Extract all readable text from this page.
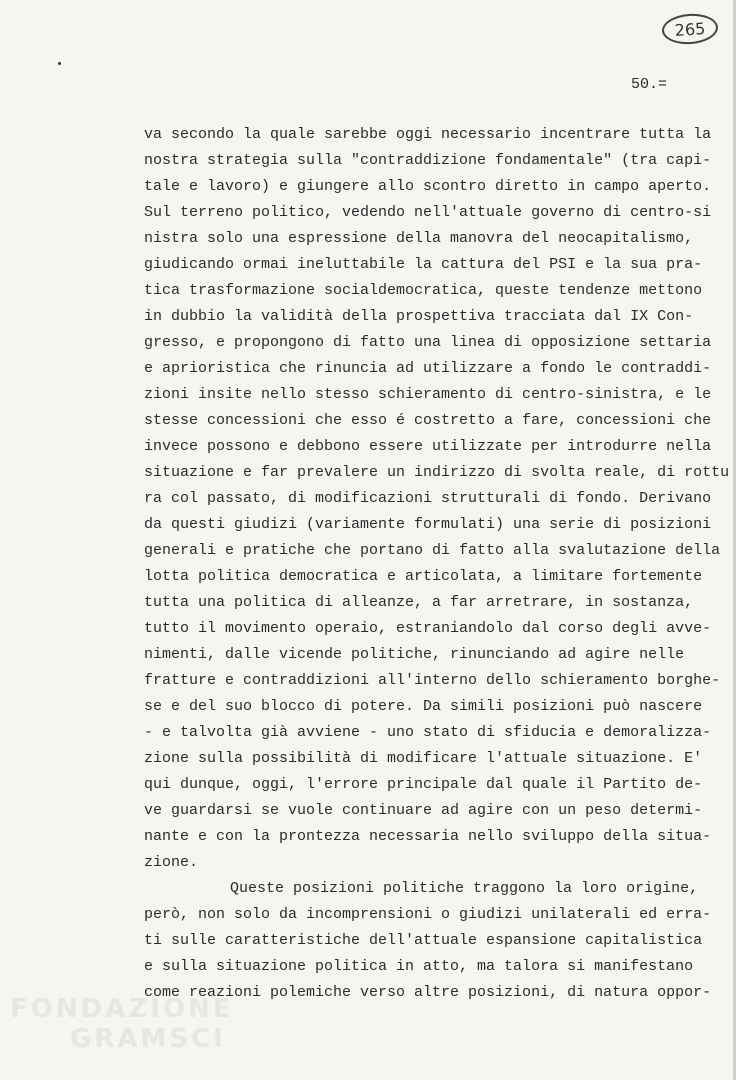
265
50.=
va secondo la quale sarebbe oggi necessario incentrare tutta la
nostra strategia sulla "contraddizione fondamentale" (tra capi-
tale e lavoro) e giungere allo scontro diretto in campo aperto.
Sul terreno politico, vedendo nell'attuale governo di centro-si
nistra solo una espressione della manovra del neocapitalismo,
giudicando ormai ineluttabile la cattura del PSI e la sua pra-
tica trasformazione socialdemocratica, queste tendenze mettono
in dubbio la validità della prospettiva tracciata dal IX Con-
gresso, e propongono di fatto una linea di opposizione settaria
e aprioristica che rinuncia ad utilizzare a fondo le contraddi-
zioni insite nello stesso schieramento di centro-sinistra, e le
stesse concessioni che esso é costretto a fare, concessioni che
invece possono e debbono essere utilizzate per introdurre nella
situazione e far prevalere un indirizzo di svolta reale, di rottu
ra col passato, di modificazioni strutturali di fondo. Derivano
da questi giudizi (variamente formulati) una serie di posizioni
generali e pratiche che portano di fatto alla svalutazione della
lotta politica democratica e articolata, a limitare fortemente
tutta una politica di alleanze, a far arretrare, in sostanza,
tutto il movimento operaio, estraniandolo dal corso degli avve-
nimenti, dalle vicende politiche, rinunciando ad agire nelle
fratture e contraddizioni all'interno dello schieramento borghe-
se e del suo blocco di potere. Da simili posizioni può nascere
- e talvolta già avviene - uno stato di sfiducia e demoralizza-
zione sulla possibilità di modificare l'attuale situazione. E'
qui dunque, oggi, l'errore principale dal quale il Partito de-
ve guardarsi se vuole continuare ad agire con un peso determi-
nante e con la prontezza necessaria nello sviluppo della situa-
zione.
Queste posizioni politiche traggono la loro origine,
però, non solo da incomprensioni o giudizi unilaterali ed erra-
ti sulle caratteristiche dell'attuale espansione capitalistica
e sulla situazione politica in atto, ma talora si manifestano
come reazioni polemiche verso altre posizioni, di natura oppor-
FONDAZIONE
GRAMSCI
